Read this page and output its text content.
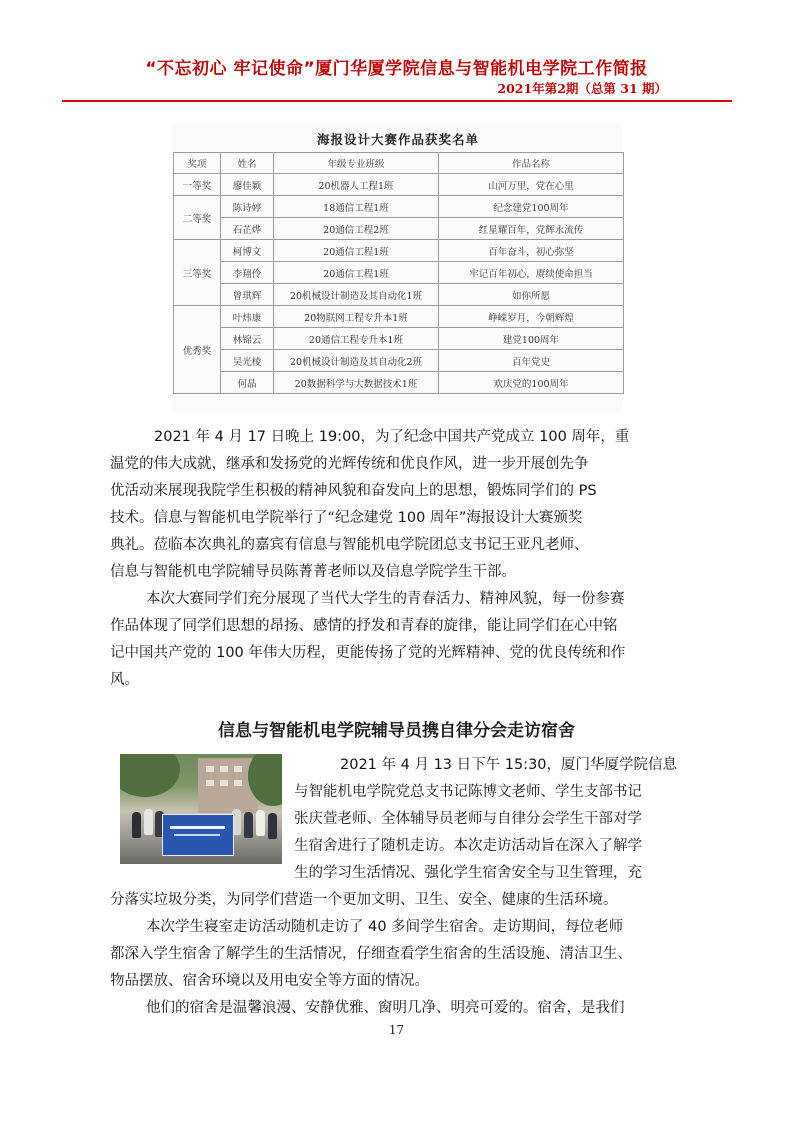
“不忘初心 牢记使命”厦门华厦学院信息与智能机电学院工作简报
2021年第2期（总第 31 期）
海报设计大赛作品获奖名单
奖项	姓名	年级专业班级	作品名称
一等奖	廖佳颖	20机器人工程1班	山河万里，党在心里
二等奖	陈诗婷	18通信工程1班	纪念建党100周年
	石芷烨	20通信工程2班	红星耀百年，党辉永流传
三等奖	柯博文	20通信工程1班	百年奋斗，初心弥坚
	李翔伶	20通信工程1班	牢记百年初心，赓续使命担当
	曾琪辉	20机械设计制造及其自动化1班	如你所愿
优秀奖	叶炜康	20物联网工程专升本1班	峥嵘岁月，今朝辉煌
	林锦云	20通信工程专升本1班	建党100周年
	吴光棱	20机械设计制造及其自动化2班	百年党史
	何晶	20数据科学与大数据技术1班	欢庆党的100周年
2021 年 4 月 17 日晚上 19:00，为了纪念中国共产党成立 100 周年，重
温党的伟大成就，继承和发扬党的光辉传统和优良作风，进一步开展创先争
优活动来展现我院学生积极的精神风貌和奋发向上的思想，锻炼同学们的 PS
技术。信息与智能机电学院举行了“纪念建党 100 周年”海报设计大赛颁奖
典礼。莅临本次典礼的嘉宾有信息与智能机电学院团总支书记王亚凡老师、
信息与智能机电学院辅导员陈菁菁老师以及信息学院学生干部。
本次大赛同学们充分展现了当代大学生的青春活力、精神风貌，每一份参赛
作品体现了同学们思想的昂扬、感情的抒发和青春的旋律，能让同学们在心中铭
记中国共产党的 100 年伟大历程，更能传扬了党的光辉精神、党的优良传统和作
风。
信息与智能机电学院辅导员携自律分会走访宿舍
2021 年 4 月 13 日下午 15:30，厦门华厦学院信息
与智能机电学院党总支书记陈博文老师、学生支部书记
张庆萱老师、全体辅导员老师与自律分会学生干部对学
生宿舍进行了随机走访。本次走访活动旨在深入了解学
生的学习生活情况、强化学生宿舍安全与卫生管理，充
分落实垃圾分类，为同学们营造一个更加文明、卫生、安全、健康的生活环境。
本次学生寝室走访活动随机走访了 40 多间学生宿舍。走访期间，每位老师
都深入学生宿舍了解学生的生活情况，仔细查看学生宿舍的生活设施、清洁卫生、
物品摆放、宿舍环境以及用电安全等方面的情况。
他们的宿舍是温馨浪漫、安静优雅、窗明几净、明亮可爱的。宿舍，是我们
17
